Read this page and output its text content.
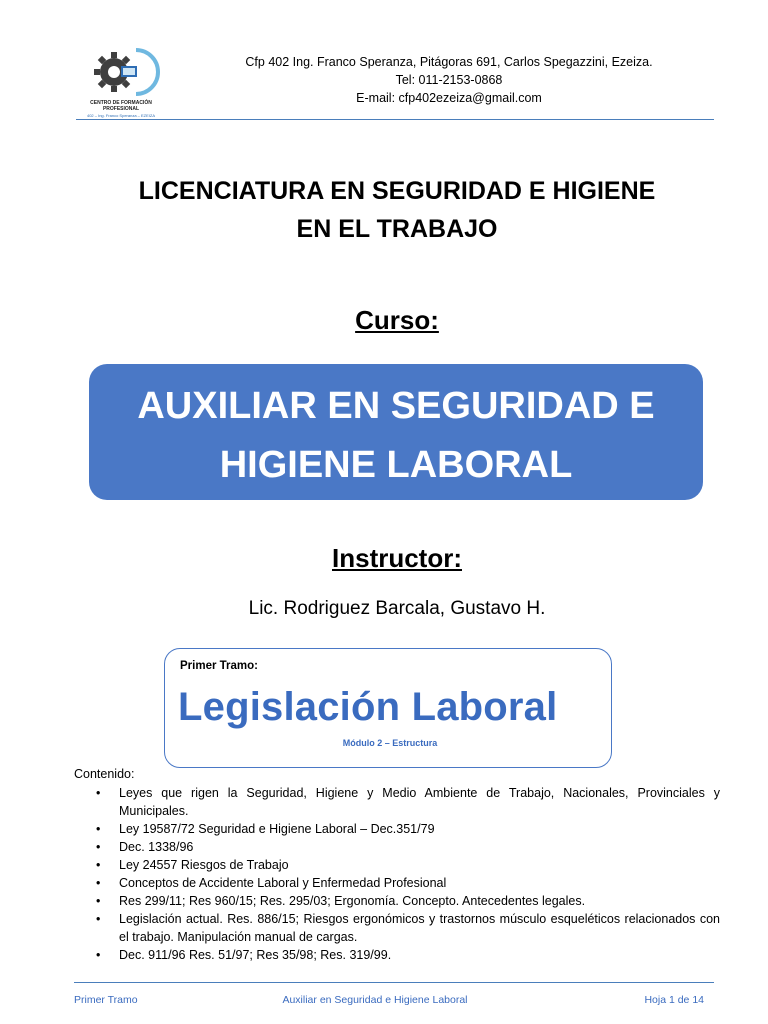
CENTRO DE FORMACIÓN PROFESIONAL
402 – Ing. Franco Speranza – EZEIZA
Cfp 402 Ing. Franco Speranza, Pitágoras 691, Carlos Spegazzini, Ezeiza.
Tel: 011-2153-0868
E-mail: cfp402ezeiza@gmail.com
LICENCIATURA EN SEGURIDAD E HIGIENE
EN EL TRABAJO
Curso:
AUXILIAR EN SEGURIDAD E
HIGIENE LABORAL
Instructor:
Lic. Rodriguez Barcala, Gustavo H.
Primer Tramo:
Legislación Laboral
Módulo 2 – Estructura
Contenido:
• Leyes que rigen la Seguridad, Higiene y Medio Ambiente de Trabajo, Nacionales, Provinciales y Municipales.
• Ley 19587/72 Seguridad e Higiene Laboral – Dec.351/79
• Dec. 1338/96
• Ley 24557 Riesgos de Trabajo
• Conceptos de Accidente Laboral y Enfermedad Profesional
• Res 299/11; Res 960/15; Res. 295/03; Ergonomía. Concepto. Antecedentes legales.
• Legislación actual. Res. 886/15; Riesgos ergonómicos y trastornos músculo esqueléticos relacionados con el trabajo. Manipulación manual de cargas.
• Dec. 911/96 Res. 51/97; Res 35/98; Res. 319/99.
Primer Tramo	Auxiliar en Seguridad e Higiene Laboral	Hoja 1 de 14
